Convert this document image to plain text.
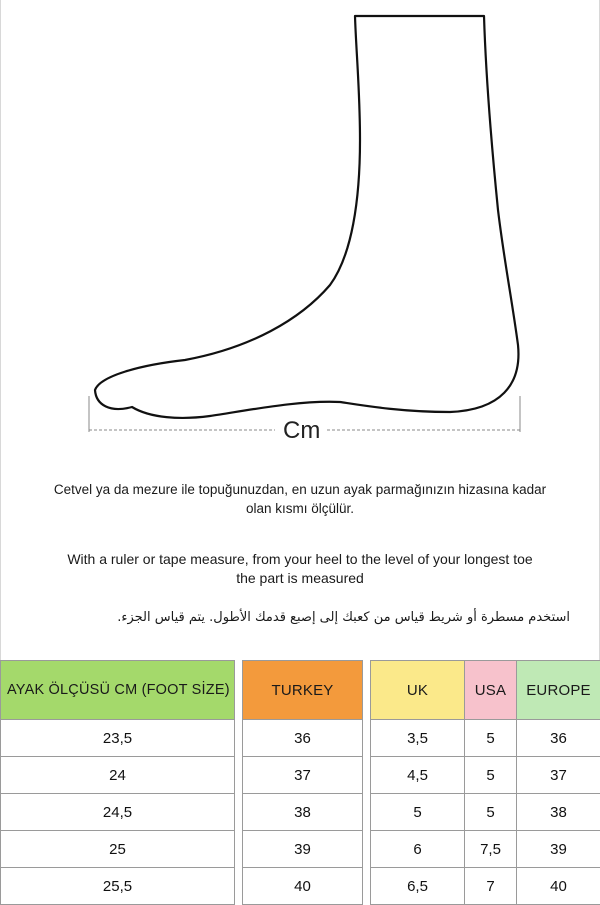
Cm
Cetvel ya da mezure ile topuğunuzdan, en uzun ayak parmağınızın hizasına kadar
olan kısmı ölçülür.
With a ruler or tape measure, from your heel to the level of your longest toe
the part is measured
استخدم مسطرة أو شريط قياس من كعبك إلى إصبع قدمك الأطول. يتم قياس الجزء.
AYAK ÖLÇÜSÜ CM (FOOT SİZE)		TURKEY		UK	USA	EUROPE
23,5		36		3,5	5	36
24		37		4,5	5	37
24,5		38		5	5	38
25		39		6	7,5	39
25,5		40		6,5	7	40
